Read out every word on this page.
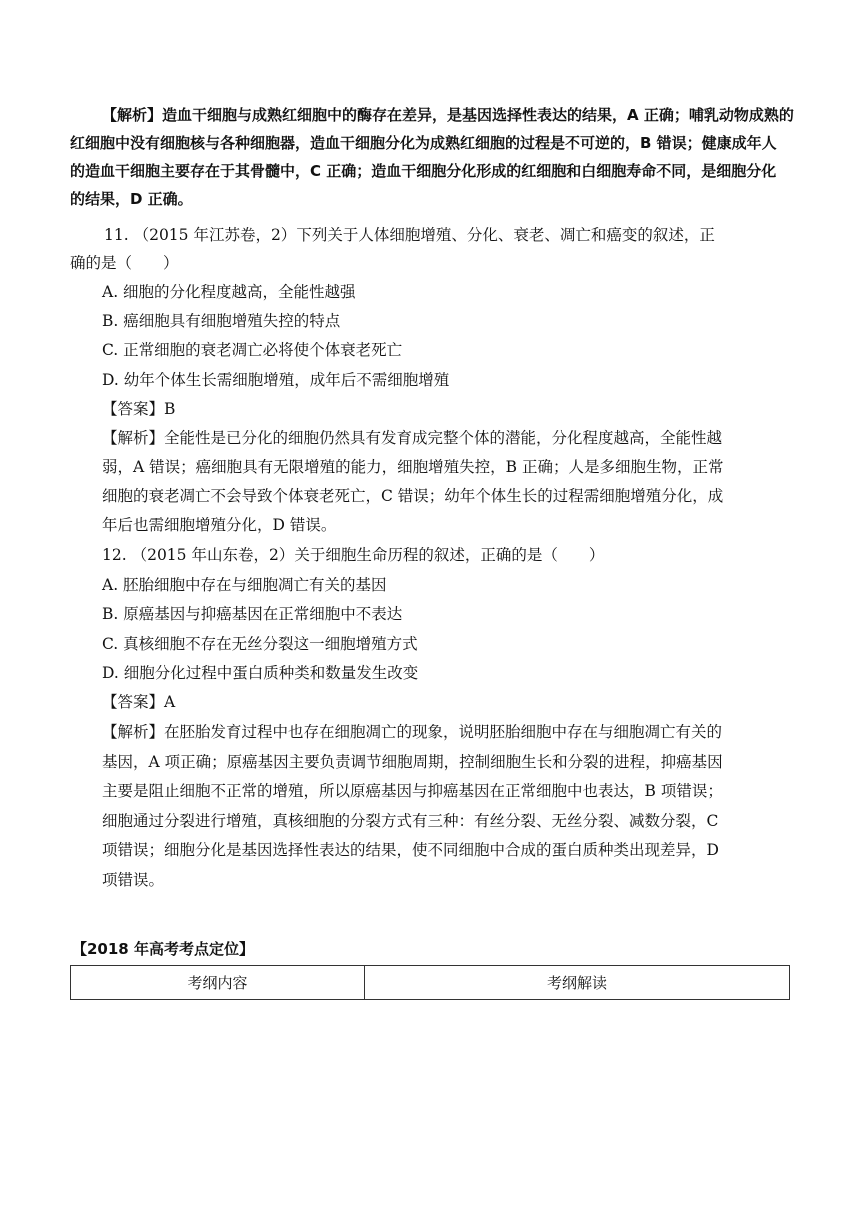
【解析】造血干细胞与成熟红细胞中的酶存在差异，是基因选择性表达的结果，A 正确；哺乳动物成熟的
红细胞中没有细胞核与各种细胞器，造血干细胞分化为成熟红细胞的过程是不可逆的，B 错误；健康成年人
的造血干细胞主要存在于其骨髓中，C 正确；造血干细胞分化形成的红细胞和白细胞寿命不同，是细胞分化
的结果，D 正确。
11. （2015 年江苏卷，2）下列关于人体细胞增殖、分化、衰老、凋亡和癌变的叙述，正
确的是（　　）
A. 细胞的分化程度越高，全能性越强
B. 癌细胞具有细胞增殖失控的特点
C. 正常细胞的衰老凋亡必将使个体衰老死亡
D. 幼年个体生长需细胞增殖，成年后不需细胞增殖
【答案】B
【解析】全能性是已分化的细胞仍然具有发育成完整个体的潜能，分化程度越高，全能性越
弱，A 错误；癌细胞具有无限增殖的能力，细胞增殖失控，B 正确；人是多细胞生物，正常
细胞的衰老凋亡不会导致个体衰老死亡，C 错误；幼年个体生长的过程需细胞增殖分化，成
年后也需细胞增殖分化，D 错误。
12. （2015 年山东卷，2）关于细胞生命历程的叙述，正确的是（　　）
A. 胚胎细胞中存在与细胞凋亡有关的基因
B. 原癌基因与抑癌基因在正常细胞中不表达
C. 真核细胞不存在无丝分裂这一细胞增殖方式
D. 细胞分化过程中蛋白质种类和数量发生改变
【答案】A
【解析】在胚胎发育过程中也存在细胞凋亡的现象，说明胚胎细胞中存在与细胞凋亡有关的
基因，A 项正确；原癌基因主要负责调节细胞周期，控制细胞生长和分裂的进程，抑癌基因
主要是阻止细胞不正常的增殖，所以原癌基因与抑癌基因在正常细胞中也表达，B 项错误；
细胞通过分裂进行增殖，真核细胞的分裂方式有三种：有丝分裂、无丝分裂、减数分裂，C
项错误；细胞分化是基因选择性表达的结果，使不同细胞中合成的蛋白质种类出现差异，D
项错误。
【2018 年高考考点定位】
考纲内容	考纲解读
